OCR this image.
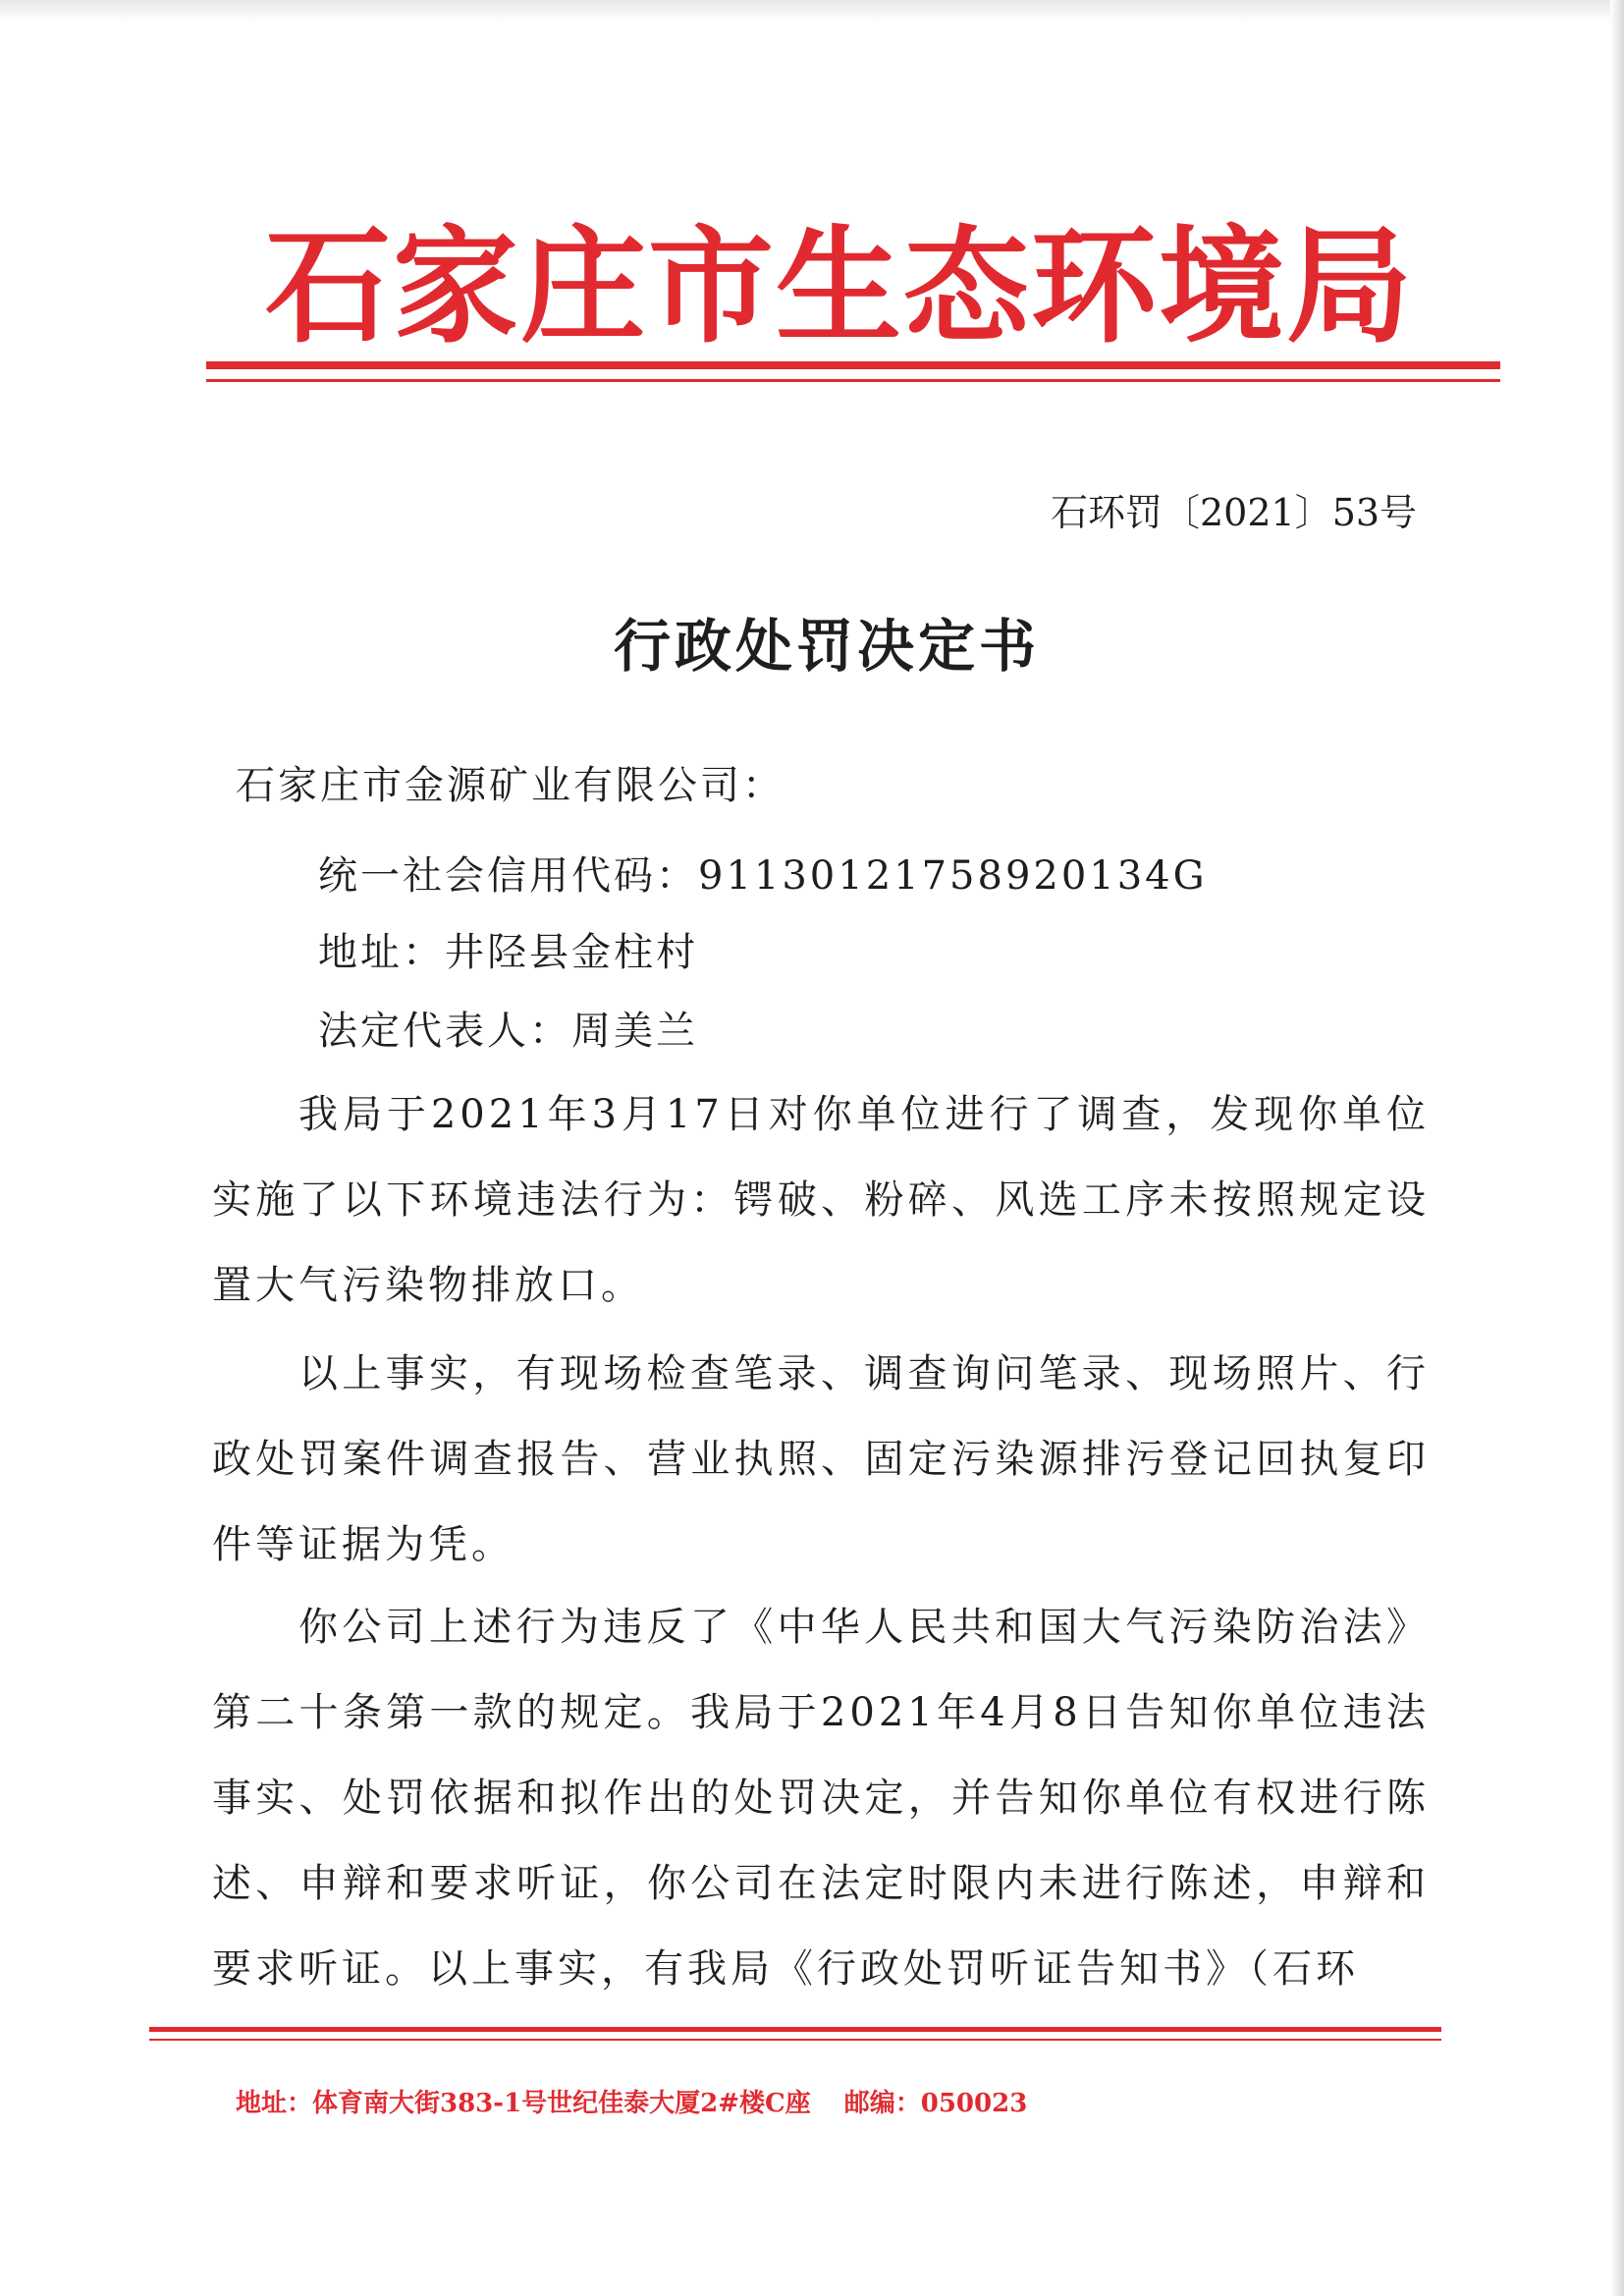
石家庄市生态环境局
石环罚〔2021〕53号
行政处罚决定书
石家庄市金源矿业有限公司：
统一社会信用代码：91130121758920134G
地址：井陉县金柱村
法定代表人：周美兰
我局于2021年3月17日对你单位进行了调查，发现你单位实施了以下环境违法行为：锷破、粉碎、风选工序未按照规定设置大气污染物排放口。
以上事实，有现场检查笔录、调查询问笔录、现场照片、行政处罚案件调查报告、营业执照、固定污染源排污登记回执复印件等证据为凭。
你公司上述行为违反了《中华人民共和国大气污染防治法》第二十条第一款的规定。我局于2021年4月8日告知你单位违法事实、处罚依据和拟作出的处罚决定，并告知你单位有权进行陈述、申辩和要求听证，你公司在法定时限内未进行陈述，申辩和要求听证。以上事实，有我局《行政处罚听证告知书》（石环
地址：体育南大街383-1号世纪佳泰大厦2#楼C座 邮编：050023
